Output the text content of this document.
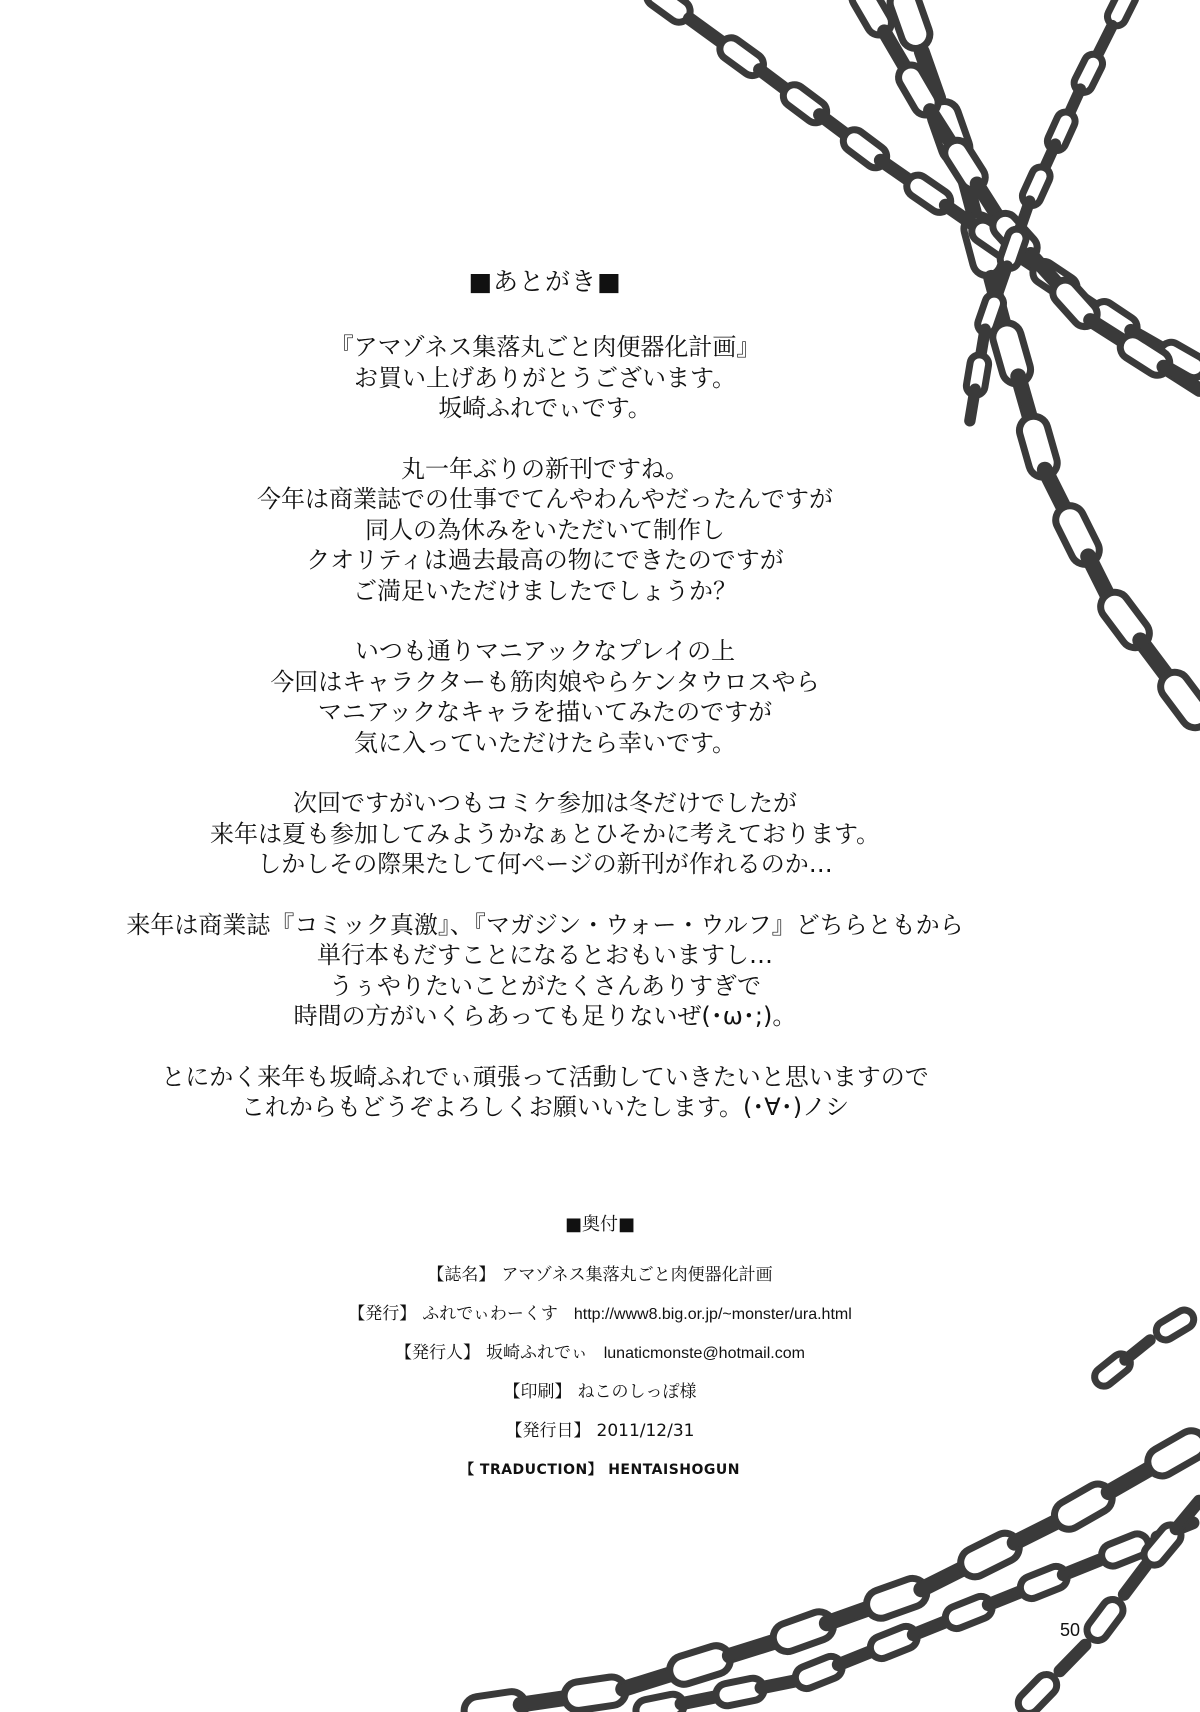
■あとがき■
『アマゾネス集落丸ごと肉便器化計画』
お買い上げありがとうございます。
坂崎ふれでぃです。
丸一年ぶりの新刊ですね。
今年は商業誌での仕事でてんやわんやだったんですが
同人の為休みをいただいて制作し
クオリティは過去最高の物にできたのですが
ご満足いただけましたでしょうか？
いつも通りマニアックなプレイの上
今回はキャラクターも筋肉娘やらケンタウロスやら
マニアックなキャラを描いてみたのですが
気に入っていただけたら幸いです。
次回ですがいつもコミケ参加は冬だけでしたが
来年は夏も参加してみようかなぁとひそかに考えております。
しかしその際果たして何ページの新刊が作れるのか…
来年は商業誌『コミック真激』、『マガジン・ウォー・ウルフ』どちらともから
単行本もだすことになるとおもいますし…
うぅやりたいことがたくさんありすぎで
時間の方がいくらあっても足りないぜ(･ω･;)。
とにかく来年も坂崎ふれでぃ頑張って活動していきたいと思いますので
これからもどうぞよろしくお願いいたします。(･∀･)ノシ
■奥付■
【誌名】 アマゾネス集落丸ごと肉便器化計画
【発行】 ふれでぃわーくす http://www8.big.or.jp/~monster/ura.html
【発行人】 坂崎ふれでぃ lunaticmonste@hotmail.com
【印刷】 ねこのしっぽ様
【発行日】 2011/12/31
【 TRADUCTION】 HENTAISHOGUN
50
